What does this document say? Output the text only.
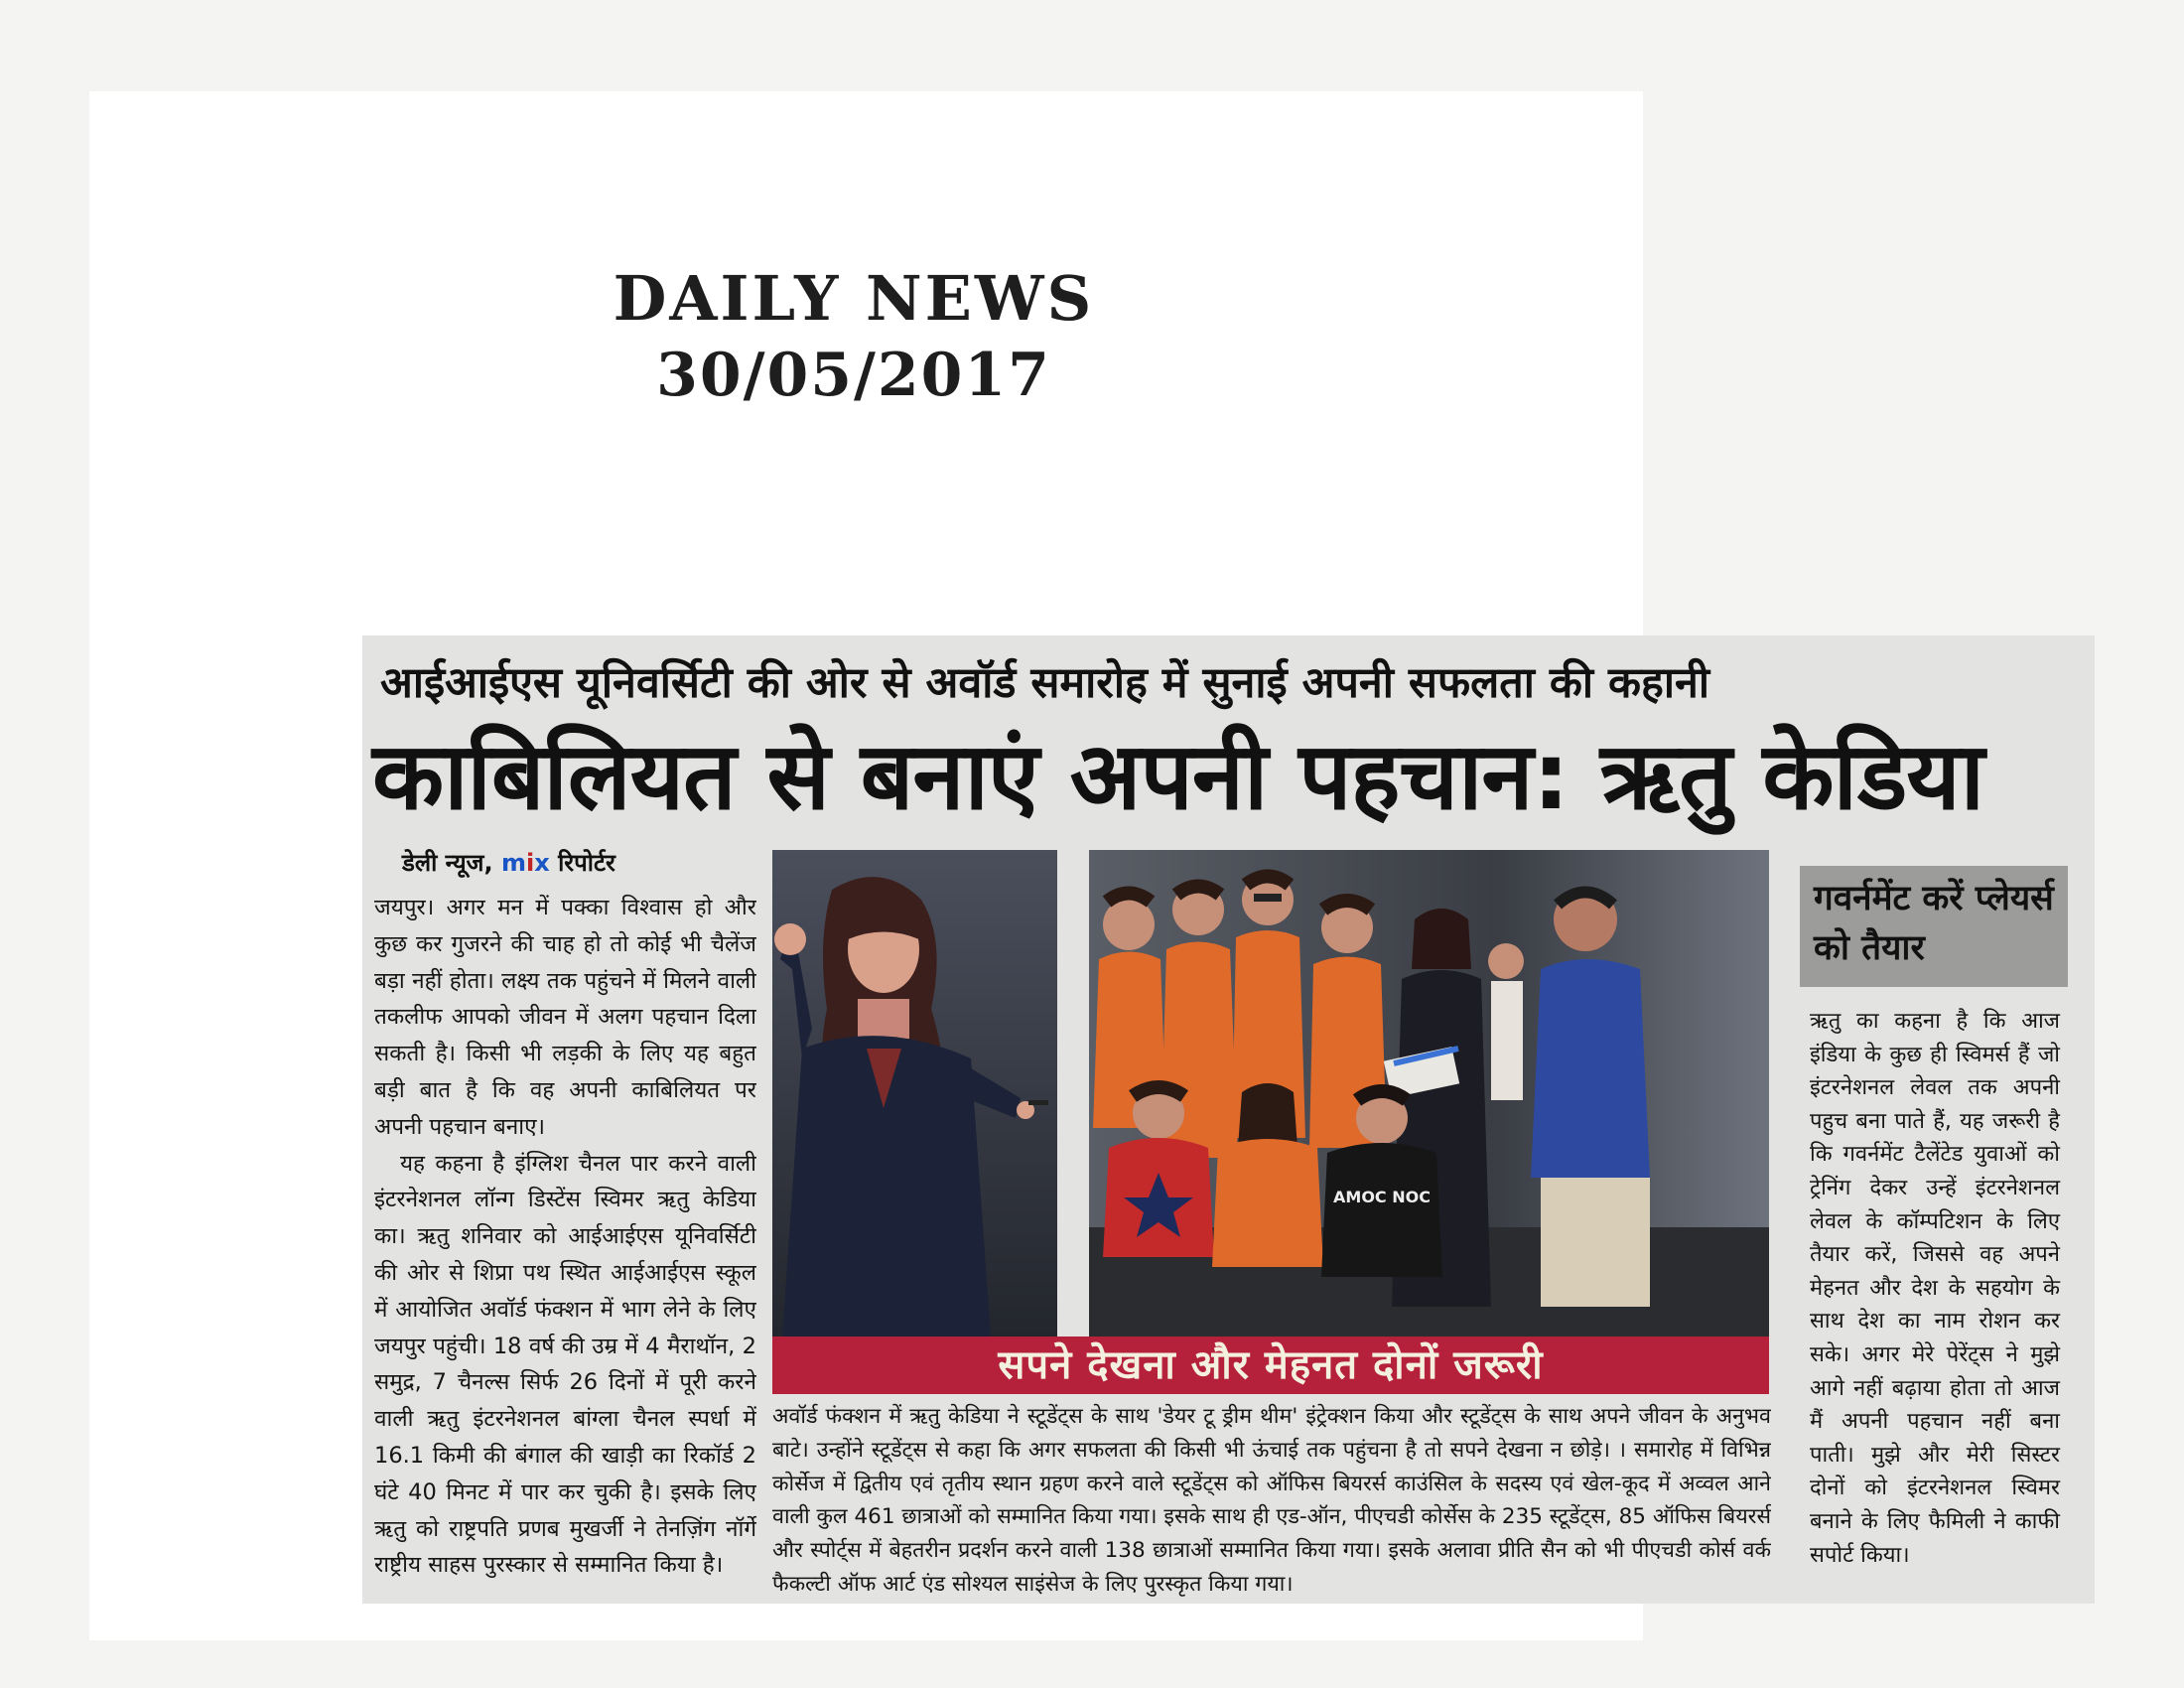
DAILY NEWS
30/05/2017
आईआईएस यूनिवर्सिटी की ओर से अवॉर्ड समारोह में सुनाई अपनी सफलता की कहानी
काबिलियत से बनाएं अपनी पहचान: ऋतु केडिया
डेली न्यूज, mix रिपोर्टर

जयपुर। अगर मन में पक्का विश्वास हो और कुछ कर गुजरने की चाह हो तो कोई भी चैलेंज बड़ा नहीं होता। लक्ष्य तक पहुंचने में मिलने वाली तकलीफ आपको जीवन में अलग पहचान दिला सकती है। किसी भी लड़की के लिए यह बहुत बड़ी बात है कि वह अपनी काबिलियत पर अपनी पहचान बनाए।

यह कहना है इंग्लिश चैनल पार करने वाली इंटरनेशनल लॉन्ग डिस्टेंस स्विमर ऋतु केडिया का। ऋतु शनिवार को आईआईएस यूनिवर्सिटी की ओर से शिप्रा पथ स्थित आईआईएस स्कूल में आयोजित अवॉर्ड फंक्शन में भाग लेने के लिए जयपुर पहुंची। 18 वर्ष की उम्र में 4 मैराथॉन, 2 समुद्र, 7 चैनल्स सिर्फ 26 दिनों में पूरी करने वाली ऋतु इंटरनेशनल बांग्ला चैनल स्पर्धा में 16.1 किमी की बंगाल की खाड़ी का रिकॉर्ड 2 घंटे 40 मिनट में पार कर चुकी है। इसके लिए ऋतु को राष्ट्रपति प्रणब मुखर्जी ने तेनज़िंग नॉर्गे राष्ट्रीय साहस पुरस्कार से सम्मानित किया है।

AMOC NOC
सपने देखना और मेहनत दोनों जरूरी

अवॉर्ड फंक्शन में ऋतु केडिया ने स्टूडेंट्स के साथ 'डेयर टू ड्रीम थीम' इंट्रेक्शन किया और स्टूडेंट्स के साथ अपने जीवन के अनुभव बाटे। उन्होंने स्टूडेंट्स से कहा कि अगर सफलता की किसी भी ऊंचाई तक पहुंचना है तो सपने देखना न छोड़े। । समारोह में विभिन्न कोर्सेज में द्वितीय एवं तृतीय स्थान ग्रहण करने वाले स्टूडेंट्स को ऑफिस बियरर्स काउंसिल के सदस्य एवं खेल-कूद में अव्वल आने वाली कुल 461 छात्राओं को सम्मानित किया गया। इसके साथ ही एड-ऑन, पीएचडी कोर्सेस के 235 स्टूडेंट्स, 85 ऑफिस बियरर्स और स्पोर्ट्स में बेहतरीन प्रदर्शन करने वाली 138 छात्राओं सम्मानित किया गया। इसके अलावा प्रीति सैन को भी पीएचडी कोर्स वर्क फैकल्टी ऑफ आर्ट एंड सोश्यल साइंसेज के लिए पुरस्कृत किया गया।

गवर्नमेंट करें प्लेयर्स को तैयार

ऋतु का कहना है कि आज इंडिया के कुछ ही स्विमर्स हैं जो इंटरनेशनल लेवल तक अपनी पहुच बना पाते हैं, यह जरूरी है कि गवर्नमेंट टैलेंटेड युवाओं को ट्रेनिंग देकर उन्हें इंटरनेशनल लेवल के कॉम्पटिशन के लिए तैयार करें, जिससे वह अपने मेहनत और देश के सहयोग के साथ देश का नाम रोशन कर सके। अगर मेरे पेरेंट्स ने मुझे आगे नहीं बढ़ाया होता तो आज मैं अपनी पहचान नहीं बना पाती। मुझे और मेरी सिस्टर दोनों को इंटरनेशनल स्विमर बनाने के लिए फैमिली ने काफी सपोर्ट किया।
